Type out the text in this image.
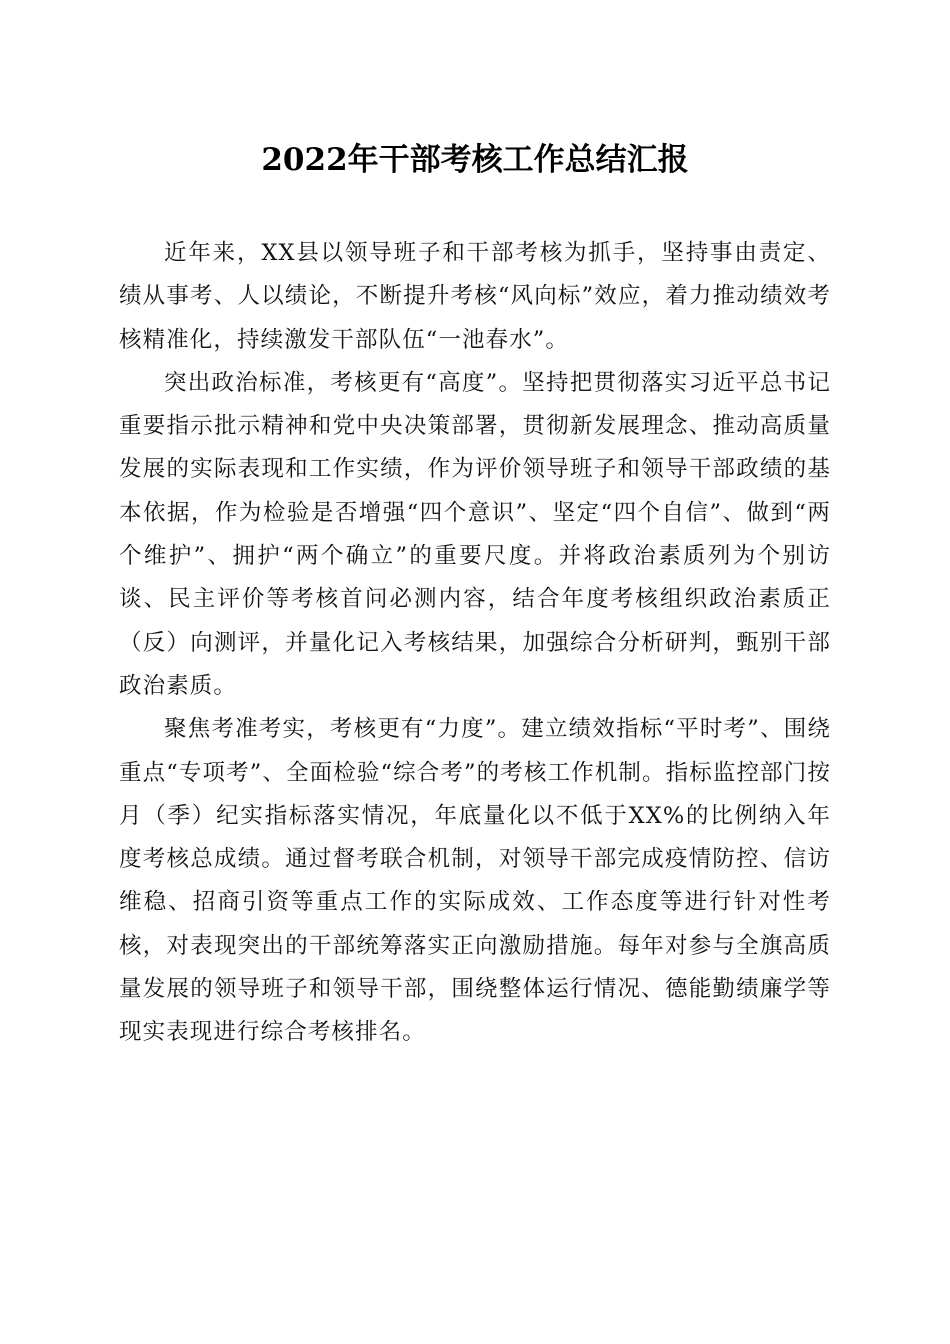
2022年干部考核工作总结汇报

近年来，XX县以领导班子和干部考核为抓手，坚持事由责定、绩从事考、人以绩论，不断提升考核“风向标”效应，着力推动绩效考核精准化，持续激发干部队伍“一池春水”。

突出政治标准，考核更有“高度”。坚持把贯彻落实习近平总书记重要指示批示精神和党中央决策部署，贯彻新发展理念、推动高质量发展的实际表现和工作实绩，作为评价领导班子和领导干部政绩的基本依据，作为检验是否增强“四个意识”、坚定“四个自信”、做到“两个维护”、拥护“两个确立”的重要尺度。并将政治素质列为个别访谈、民主评价等考核首问必测内容，结合年度考核组织政治素质正（反）向测评，并量化记入考核结果，加强综合分析研判，甄别干部政治素质。

聚焦考准考实，考核更有“力度”。建立绩效指标“平时考”、围绕重点“专项考”、全面检验“综合考”的考核工作机制。指标监控部门按月（季）纪实指标落实情况，年底量化以不低于XX%的比例纳入年度考核总成绩。通过督考联合机制，对领导干部完成疫情防控、信访维稳、招商引资等重点工作的实际成效、工作态度等进行针对性考核，对表现突出的干部统筹落实正向激励措施。每年对参与全旗高质量发展的领导班子和领导干部，围绕整体运行情况、德能勤绩廉学等现实表现进行综合考核排名。
